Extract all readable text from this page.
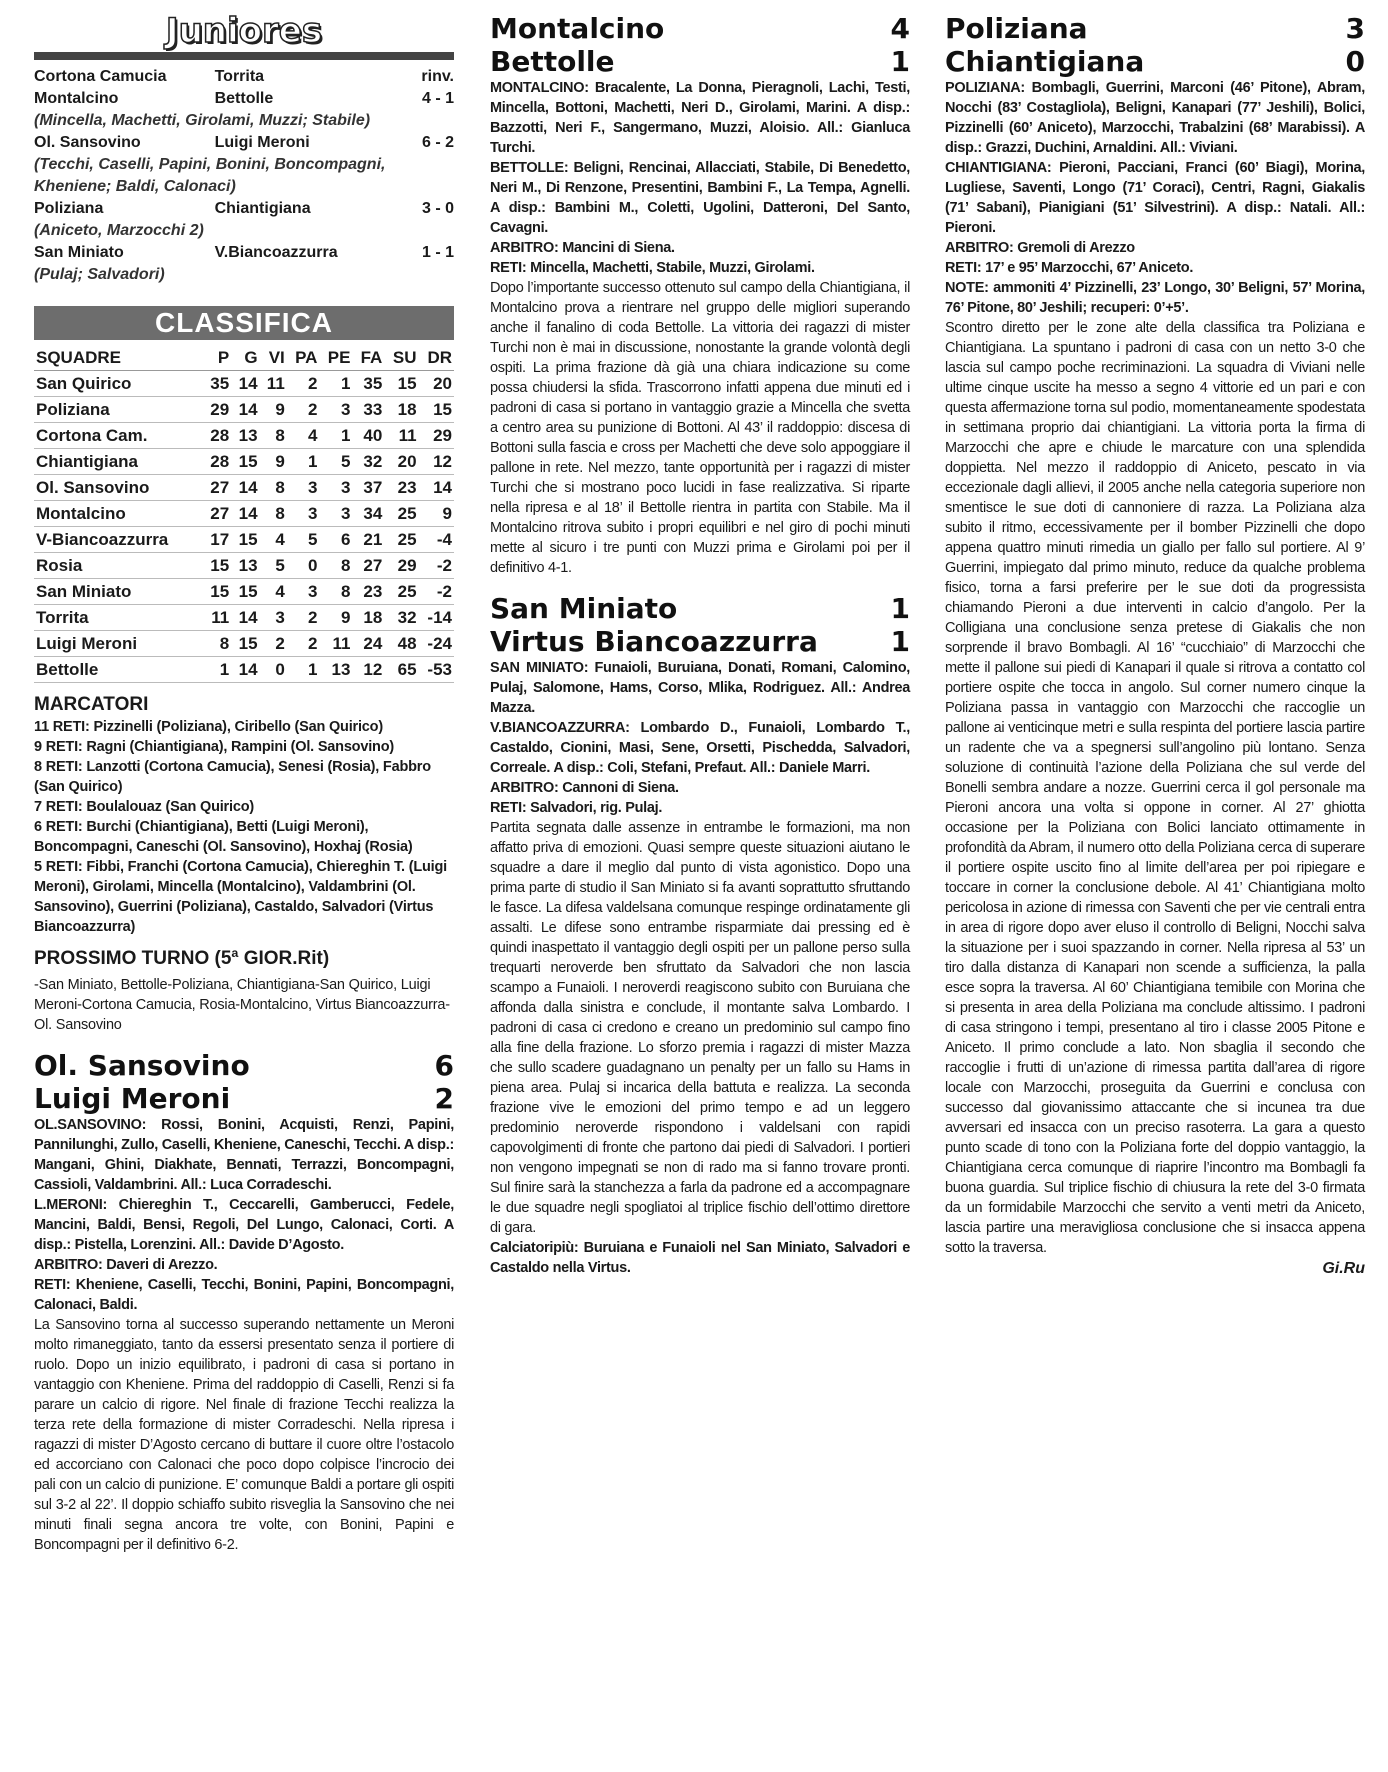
Juniores
Cortona Camucia	Torrita	rinv.
Montalcino	Bettolle	4 - 1
(Mincella, Machetti, Girolami, Muzzi; Stabile)		
Ol. Sansovino	Luigi Meroni	6 - 2
(Tecchi, Caselli, Papini, Bonini, Boncompagni, Kheniene; Baldi, Calonaci)		
Poliziana	Chiantigiana	3 - 0
(Aniceto, Marzocchi 2)		
San Miniato	V.Biancoazzurra	1 - 1
(Pulaj; Salvadori)		
CLASSIFICA
SQUADRE	P	G	VI	PA	PE	FA	SU	DR
San Quirico	35	14	11	2	1	35	15	20
Poliziana	29	14	9	2	3	33	18	15
Cortona Cam.	28	13	8	4	1	40	11	29
Chiantigiana	28	15	9	1	5	32	20	12
Ol. Sansovino	27	14	8	3	3	37	23	14
Montalcino	27	14	8	3	3	34	25	9
V-Biancoazzurra	17	15	4	5	6	21	25	-4
Rosia	15	13	5	0	8	27	29	-2
San Miniato	15	15	4	3	8	23	25	-2
Torrita	11	14	3	2	9	18	32	-14
Luigi Meroni	8	15	2	2	11	24	48	-24
Bettolle	1	14	0	1	13	12	65	-53
MARCATORI
11 RETI: Pizzinelli (Poliziana), Ciribello (San Quirico)
9 RETI: Ragni (Chiantigiana), Rampini (Ol. Sansovino)
8 RETI: Lanzotti (Cortona Camucia), Senesi (Rosia), Fabbro (San Quirico)
7 RETI: Boulalouaz (San Quirico)
6 RETI: Burchi (Chiantigiana), Betti (Luigi Meroni), Boncompagni, Caneschi (Ol. Sansovino), Hoxhaj (Rosia)
5 RETI: Fibbi, Franchi (Cortona Camucia), Chiereghin T. (Luigi Meroni), Girolami, Mincella (Montalcino), Valdambrini (Ol. Sansovino), Guerrini (Poliziana), Castaldo, Salvadori (Virtus Biancoazzurra)
PROSSIMO TURNO (5ª GIOR.Rit)
-San Miniato, Bettolle-Poliziana, Chiantigiana-San Quirico, Luigi Meroni-Cortona Camucia, Rosia-Montalcino, Virtus Biancoazzurra-Ol. Sansovino
Ol. Sansovino	6
Luigi Meroni	2
OL.SANSOVINO: Rossi, Bonini, Acquisti, Renzi, Papini, Pannilunghi, Zullo, Caselli, Kheniene, Caneschi, Tecchi. A disp.: Mangani, Ghini, Diakhate, Bennati, Terrazzi, Boncompagni, Cassioli, Valdambrini. All.: Luca Corradeschi.
L.MERONI: Chiereghin T., Ceccarelli, Gamberucci, Fedele, Mancini, Baldi, Bensi, Regoli, Del Lungo, Calonaci, Corti. A disp.: Pistella, Lorenzini. All.: Davide D’Agosto.
ARBITRO: Daveri di Arezzo.
RETI: Kheniene, Caselli, Tecchi, Bonini, Papini, Boncompagni, Calonaci, Baldi.
La Sansovino torna al successo superando nettamente un Meroni molto rimaneggiato, tanto da essersi presentato senza il portiere di ruolo. Dopo un inizio equilibrato, i padroni di casa si portano in vantaggio con Kheniene. Prima del raddoppio di Caselli, Renzi si fa parare un calcio di rigore. Nel finale di frazione Tecchi realizza la terza rete della formazione di mister Corradeschi. Nella ripresa i ragazzi di mister D’Agosto cercano di buttare il cuore oltre l’ostacolo ed accorciano con Calonaci che poco dopo colpisce l’incrocio dei pali con un calcio di punizione. E’ comunque Baldi a portare gli ospiti sul 3-2 al 22’. Il doppio schiaffo subito risveglia la Sansovino che nei minuti finali segna ancora tre volte, con Bonini, Papini e Boncompagni per il definitivo 6-2.
Montalcino	4
Bettolle	1
MONTALCINO: Bracalente, La Donna, Pieragnoli, Lachi, Testi, Mincella, Bottoni, Machetti, Neri D., Girolami, Marini. A disp.: Bazzotti, Neri F., Sangermano, Muzzi, Aloisio. All.: Gianluca Turchi.
BETTOLLE: Beligni, Rencinai, Allacciati, Stabile, Di Benedetto, Neri M., Di Renzone, Presentini, Bambini F., La Tempa, Agnelli. A disp.: Bambini M., Coletti, Ugolini, Datteroni, Del Santo, Cavagni.
ARBITRO: Mancini di Siena.
RETI: Mincella, Machetti, Stabile, Muzzi, Girolami.
Dopo l’importante successo ottenuto sul campo della Chiantigiana, il Montalcino prova a rientrare nel gruppo delle migliori superando anche il fanalino di coda Bettolle. La vittoria dei ragazzi di mister Turchi non è mai in discussione, nonostante la grande volontà degli ospiti. La prima frazione dà già una chiara indicazione su come possa chiudersi la sfida. Trascorrono infatti appena due minuti ed i padroni di casa si portano in vantaggio grazie a Mincella che svetta a centro area su punizione di Bottoni. Al 43’ il raddoppio: discesa di Bottoni sulla fascia e cross per Machetti che deve solo appoggiare il pallone in rete. Nel mezzo, tante opportunità per i ragazzi di mister Turchi che si mostrano poco lucidi in fase realizzativa. Si riparte nella ripresa e al 18’ il Bettolle rientra in partita con Stabile. Ma il Montalcino ritrova subito i propri equilibri e nel giro di pochi minuti mette al sicuro i tre punti con Muzzi prima e Girolami poi per il definitivo 4-1.
San Miniato	1
Virtus Biancoazzurra	1
SAN MINIATO: Funaioli, Buruiana, Donati, Romani, Calomino, Pulaj, Salomone, Hams, Corso, Mlika, Rodriguez. All.: Andrea Mazza.
V.BIANCOAZZURRA: Lombardo D., Funaioli, Lombardo T., Castaldo, Cionini, Masi, Sene, Orsetti, Pischedda, Salvadori, Correale. A disp.: Coli, Stefani, Prefaut. All.: Daniele Marri.
ARBITRO: Cannoni di Siena.
RETI: Salvadori, rig. Pulaj.
Partita segnata dalle assenze in entrambe le formazioni, ma non affatto priva di emozioni. Quasi sempre queste situazioni aiutano le squadre a dare il meglio dal punto di vista agonistico. Dopo una prima parte di studio il San Miniato si fa avanti soprattutto sfruttando le fasce. La difesa valdelsana comunque respinge ordinatamente gli assalti. Le difese sono entrambe risparmiate dai pressing ed è quindi inaspettato il vantaggio degli ospiti per un pallone perso sulla trequarti neroverde ben sfruttato da Salvadori che non lascia scampo a Funaioli. I neroverdi reagiscono subito con Buruiana che affonda dalla sinistra e conclude, il montante salva Lombardo. I padroni di casa ci credono e creano un predominio sul campo fino alla fine della frazione. Lo sforzo premia i ragazzi di mister Mazza che sullo scadere guadagnano un penalty per un fallo su Hams in piena area. Pulaj si incarica della battuta e realizza. La seconda frazione vive le emozioni del primo tempo e ad un leggero predominio neroverde rispondono i valdelsani con rapidi capovolgimenti di fronte che partono dai piedi di Salvadori. I portieri non vengono impegnati se non di rado ma si fanno trovare pronti. Sul finire sarà la stanchezza a farla da padrone ed a accompagnare le due squadre negli spogliatoi al triplice fischio dell’ottimo direttore di gara.
Calciatoripiù: Buruiana e Funaioli nel San Miniato, Salvadori e Castaldo nella Virtus.
Poliziana	3
Chiantigiana	0
POLIZIANA: Bombagli, Guerrini, Marconi (46’ Pitone), Abram, Nocchi (83’ Costagliola), Beligni, Kanapari (77’ Jeshili), Bolici, Pizzinelli (60’ Aniceto), Marzocchi, Trabalzini (68’ Marabissi). A disp.: Grazzi, Duchini, Arnaldini. All.: Viviani.
CHIANTIGIANA: Pieroni, Pacciani, Franci (60’ Biagi), Morina, Lugliese, Saventi, Longo (71’ Coraci), Centri, Ragni, Giakalis (71’ Sabani), Pianigiani (51’ Silvestrini). A disp.: Natali. All.: Pieroni.
ARBITRO: Gremoli di Arezzo
RETI: 17’ e 95’ Marzocchi, 67’ Aniceto.
NOTE: ammoniti 4’ Pizzinelli, 23’ Longo, 30’ Beligni, 57’ Morina, 76’ Pitone, 80’ Jeshili; recuperi: 0’+5’.
Scontro diretto per le zone alte della classifica tra Poliziana e Chiantigiana. La spuntano i padroni di casa con un netto 3-0 che lascia sul campo poche recriminazioni. La squadra di Viviani nelle ultime cinque uscite ha messo a segno 4 vittorie ed un pari e con questa affermazione torna sul podio, momentaneamente spodestata in settimana proprio dai chiantigiani. La vittoria porta la firma di Marzocchi che apre e chiude le marcature con una splendida doppietta. Nel mezzo il raddoppio di Aniceto, pescato in via eccezionale dagli allievi, il 2005 anche nella categoria superiore non smentisce le sue doti di cannoniere di razza. La Poliziana alza subito il ritmo, eccessivamente per il bomber Pizzinelli che dopo appena quattro minuti rimedia un giallo per fallo sul portiere. Al 9’ Guerrini, impiegato dal primo minuto, reduce da qualche problema fisico, torna a farsi preferire per le sue doti da progressista chiamando Pieroni a due interventi in calcio d’angolo. Per la Colligiana una conclusione senza pretese di Giakalis che non sorprende il bravo Bombagli. Al 16’ “cucchiaio” di Marzocchi che mette il pallone sui piedi di Kanapari il quale si ritrova a contatto col portiere ospite che tocca in angolo. Sul corner numero cinque la Poliziana passa in vantaggio con Marzocchi che raccoglie un pallone ai venticinque metri e sulla respinta del portiere lascia partire un radente che va a spegnersi sull’angolino più lontano. Senza soluzione di continuità l’azione della Poliziana che sul verde del Bonelli sembra andare a nozze. Guerrini cerca il gol personale ma Pieroni ancora una volta si oppone in corner. Al 27’ ghiotta occasione per la Poliziana con Bolici lanciato ottimamente in profondità da Abram, il numero otto della Poliziana cerca di superare il portiere ospite uscito fino al limite dell’area per poi ripiegare e toccare in corner la conclusione debole. Al 41’ Chiantigiana molto pericolosa in azione di rimessa con Saventi che per vie centrali entra in area di rigore dopo aver eluso il controllo di Beligni, Nocchi salva la situazione per i suoi spazzando in corner. Nella ripresa al 53’ un tiro dalla distanza di Kanapari non scende a sufficienza, la palla esce sopra la traversa. Al 60’ Chiantigiana temibile con Morina che si presenta in area della Poliziana ma conclude altissimo. I padroni di casa stringono i tempi, presentano al tiro i classe 2005 Pitone e Aniceto. Il primo conclude a lato. Non sbaglia il secondo che raccoglie i frutti di un’azione di rimessa partita dall’area di rigore locale con Marzocchi, proseguita da Guerrini e conclusa con successo dal giovanissimo attaccante che si incunea tra due avversari ed insacca con un preciso rasoterra. La gara a questo punto scade di tono con la Poliziana forte del doppio vantaggio, la Chiantigiana cerca comunque di riaprire l’incontro ma Bombagli fa buona guardia. Sul triplice fischio di chiusura la rete del 3-0 firmata da un formidabile Marzocchi che servito a venti metri da Aniceto, lascia partire una meravigliosa conclusione che si insacca appena sotto la traversa.
Gi.Ru
